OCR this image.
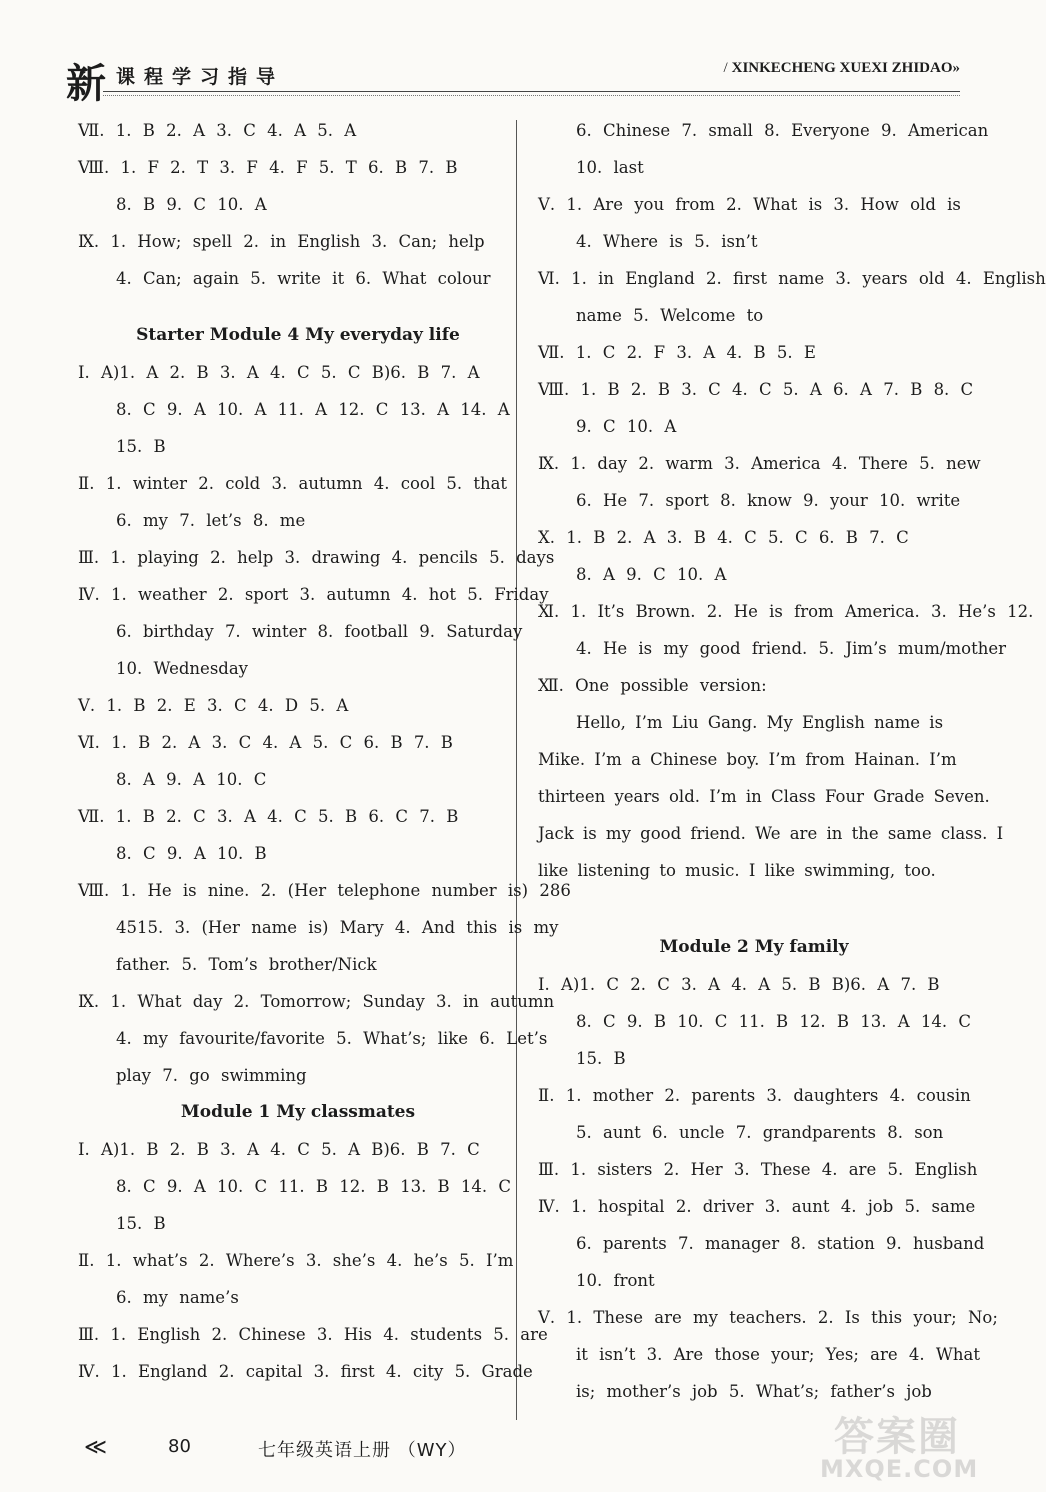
新 课程学习指导	/ XINKECHENG XUEXI ZHIDAO»
Ⅶ. 1. B 2. A 3. C 4. A 5. A
Ⅷ. 1. F 2. T 3. F 4. F 5. T 6. B 7. B
8. B 9. C 10. A
Ⅸ. 1. How; spell 2. in English 3. Can; help
4. Can; again 5. write it 6. What colour
Starter Module 4 My everyday life
Ⅰ. A)1. A 2. B 3. A 4. C 5. C B)6. B 7. A
8. C 9. A 10. A 11. A 12. C 13. A 14. A
15. B
Ⅱ. 1. winter 2. cold 3. autumn 4. cool 5. that
6. my 7. let’s 8. me
Ⅲ. 1. playing 2. help 3. drawing 4. pencils 5. days
Ⅳ. 1. weather 2. sport 3. autumn 4. hot 5. Friday
6. birthday 7. winter 8. football 9. Saturday
10. Wednesday
Ⅴ. 1. B 2. E 3. C 4. D 5. A
Ⅵ. 1. B 2. A 3. C 4. A 5. C 6. B 7. B
8. A 9. A 10. C
Ⅶ. 1. B 2. C 3. A 4. C 5. B 6. C 7. B
8. C 9. A 10. B
Ⅷ. 1. He is nine. 2. (Her telephone number is) 286
4515. 3. (Her name is) Mary 4. And this is my
father. 5. Tom’s brother/Nick
Ⅸ. 1. What day 2. Tomorrow; Sunday 3. in autumn
4. my favourite/favorite 5. What’s; like 6. Let’s
play 7. go swimming
Module 1 My classmates
Ⅰ. A)1. B 2. B 3. A 4. C 5. A B)6. B 7. C
8. C 9. A 10. C 11. B 12. B 13. B 14. C
15. B
Ⅱ. 1. what’s 2. Where’s 3. she’s 4. he’s 5. I’m
6. my name’s
Ⅲ. 1. English 2. Chinese 3. His 4. students 5. are
Ⅳ. 1. England 2. capital 3. first 4. city 5. Grade
6. Chinese 7. small 8. Everyone 9. American
10. last
Ⅴ. 1. Are you from 2. What is 3. How old is
4. Where is 5. isn’t
Ⅵ. 1. in England 2. first name 3. years old 4. English
name 5. Welcome to
Ⅶ. 1. C 2. F 3. A 4. B 5. E
Ⅷ. 1. B 2. B 3. C 4. C 5. A 6. A 7. B 8. C
9. C 10. A
Ⅸ. 1. day 2. warm 3. America 4. There 5. new
6. He 7. sport 8. know 9. your 10. write
Ⅹ. 1. B 2. A 3. B 4. C 5. C 6. B 7. C
8. A 9. C 10. A
Ⅺ. 1. It’s Brown. 2. He is from America. 3. He’s 12.
4. He is my good friend. 5. Jim’s mum/mother
Ⅻ. One possible version:
Hello, I’m Liu Gang. My English name is
Mike. I’m a Chinese boy. I’m from Hainan. I’m
thirteen years old. I’m in Class Four Grade Seven.
Jack is my good friend. We are in the same class. I
like listening to music. I like swimming, too.
Module 2 My family
Ⅰ. A)1. C 2. C 3. A 4. A 5. B B)6. A 7. B
8. C 9. B 10. C 11. B 12. B 13. A 14. C
15. B
Ⅱ. 1. mother 2. parents 3. daughters 4. cousin
5. aunt 6. uncle 7. grandparents 8. son
Ⅲ. 1. sisters 2. Her 3. These 4. are 5. English
Ⅳ. 1. hospital 2. driver 3. aunt 4. job 5. same
6. parents 7. manager 8. station 9. husband
10. front
Ⅴ. 1. These are my teachers. 2. Is this your; No;
it isn’t 3. Are those your; Yes; are 4. What
is; mother’s job 5. What’s; father’s job
≪	80	七年级英语上册 （WY）	答案圈
MXQE.COM
